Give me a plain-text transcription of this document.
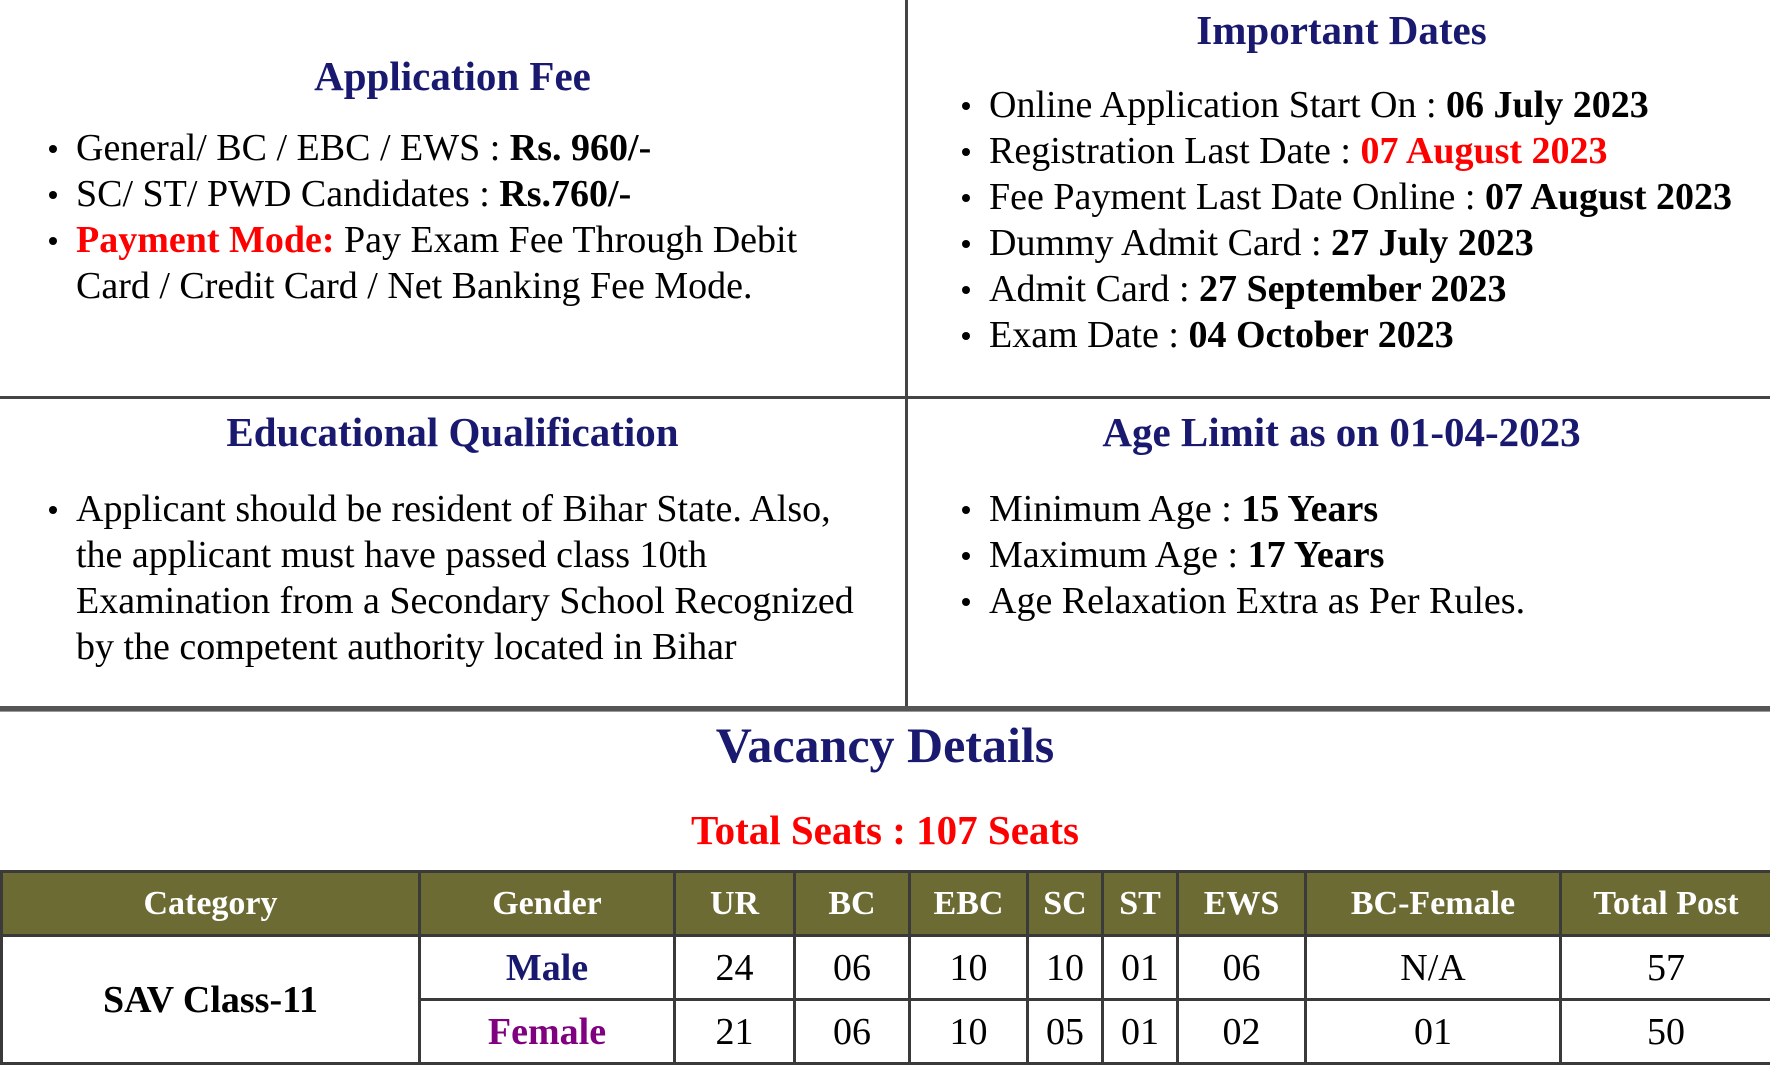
Application Fee
General/ BC / EBC / EWS : Rs. 960/-
SC/ ST/ PWD Candidates : Rs.760/-
Payment Mode: Pay Exam Fee Through Debit
Card / Credit Card / Net Banking Fee Mode.
Important Dates
Online Application Start On : 06 July 2023
Registration Last Date : 07 August 2023
Fee Payment Last Date Online : 07 August 2023
Dummy Admit Card : 27 July 2023
Admit Card : 27 September 2023
Exam Date : 04 October 2023
Educational Qualification
Applicant should be resident of Bihar State. Also,
the applicant must have passed class 10th
Examination from a Secondary School Recognized
by the competent authority located in Bihar
Age Limit as on 01-04-2023
Minimum Age : 15 Years
Maximum Age : 17 Years
Age Relaxation Extra as Per Rules.
Vacancy Details
Total Seats : 107 Seats
Category	Gender	UR	BC	EBC	SC	ST	EWS	BC-Female	Total Post
SAV Class-11	Male	24	06	10	10	01	06	N/A	57
	Female	21	06	10	05	01	02	01	50
